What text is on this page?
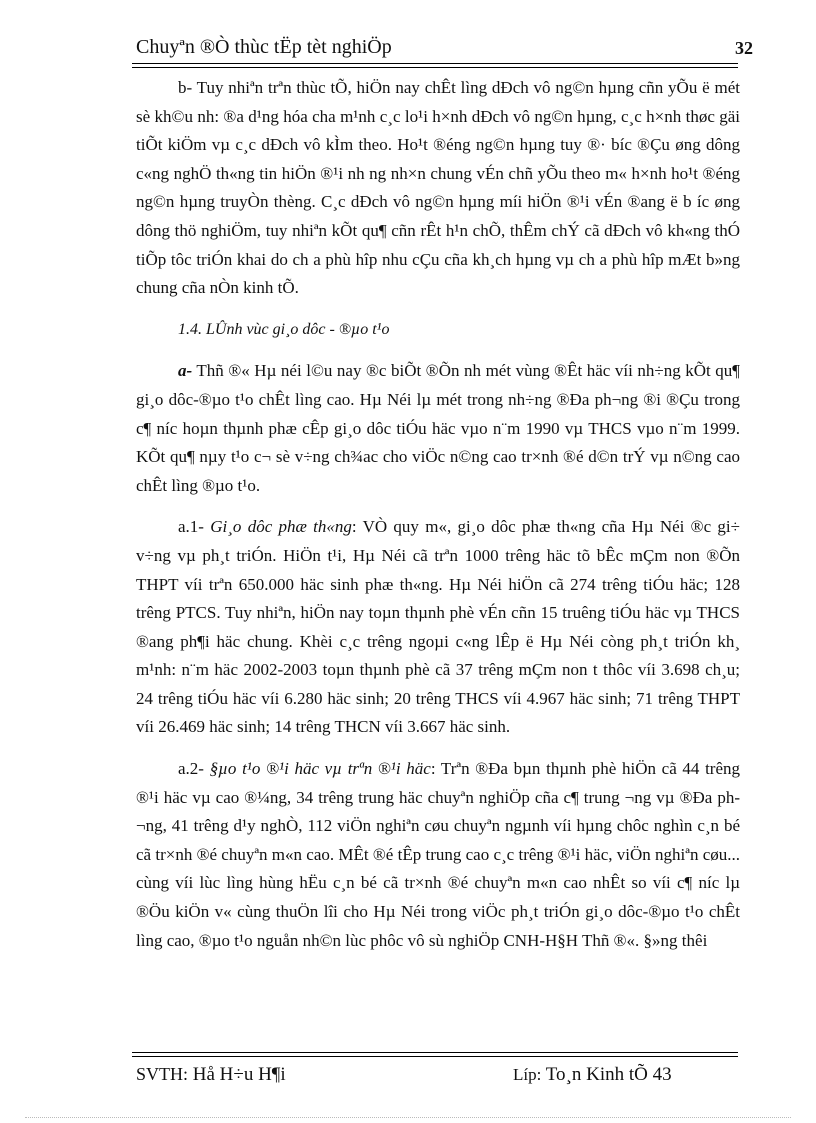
Chuyªn ®Ò thùc tËp tèt nghiÖp	32

b- Tuy nhiªn trªn thùc tÕ, hiÖn nay chÊt lìng dÐch vô ng©n hµng cñn yÕu ë mét sè kh©u nh: ®a d¹ng hóa cha m¹nh c¸c lo¹i h×nh dÐch vô ng©n hµng, c¸c h×nh thøc gäi tiÕt kiÖm vµ c¸c dÐch vô kÌm theo. Ho¹t ®éng ng©n hµng tuy ®· bíc ®Çu øng dông c«ng nghÖ th«ng tin hiÖn ®¹i nh ng nh×n chung vÉn chñ yÕu theo m« h×nh ho¹t ®éng ng©n hµng truyÒn thèng. C¸c dÐch vô ng©n hµng míi hiÖn ®¹i vÉn ®ang ë b íc øng dông thö nghiÖm, tuy nhiªn kÕt qu¶ cñn rÊt h¹n chÕ, thÊm chÝ cã dÐch vô kh«ng thÓ tiÕp tôc triÓn khai do ch a phù hîp nhu cÇu cña kh¸ch hµng vµ ch a phù hîp mÆt b»ng chung cña nÒn kinh tÕ.

1.4. LÛnh vùc gi¸o dôc - ®µo t¹o

a- Thñ ®« Hµ néi l©u nay ®c biÕt ®Õn nh mét vùng ®Êt häc víi nh÷ng kÕt qu¶ gi¸o dôc-®µo t¹o chÊt lìng cao. Hµ Néi lµ mét trong nh÷ng ®Ða ph¬ng ®i ®Çu trong c¶ níc hoµn thµnh phæ cÊp gi¸o dôc tiÓu häc vµo n¨m 1990 vµ THCS vµo n¨m 1999. KÕt qu¶ nµy t¹o c¬ sè v÷ng ch¾ac cho viÖc n©ng cao tr×nh ®é d©n trÝ vµ n©ng cao chÊt lìng ®µo t¹o.

a.1- Gi¸o dôc phæ th«ng: VÒ quy m«, gi¸o dôc phæ th«ng cña Hµ Néi ®c gi÷ v÷ng vµ ph¸t triÓn. HiÖn t¹i, Hµ Néi cã trªn 1000 trêng häc tõ bÊc mÇm non ®Õn THPT víi trªn 650.000 häc sinh phæ th«ng. Hµ Néi hiÖn cã 274 trêng tiÓu häc; 128 trêng PTCS. Tuy nhiªn, hiÖn nay toµn thµnh phè vÉn cñn 15 truêng tiÓu häc vµ THCS ®ang ph¶i häc chung. Khèi c¸c trêng ngoµi c«ng lÊp ë Hµ Néi còng ph¸t triÓn kh¸ m¹nh: n¨m häc 2002-2003 toµn thµnh phè cã 37 trêng mÇm non t thôc víi 3.698 ch¸u; 24 trêng tiÓu häc víi 6.280 häc sinh; 20 trêng THCS víi 4.967 häc sinh; 71 trêng THPT víi 26.469 häc sinh; 14 trêng THCN víi 3.667 häc sinh.

a.2- §µo t¹o ®¹i häc vµ trªn ®¹i häc: Trªn ®Ða bµn thµnh phè hiÖn cã 44 trêng ®¹i häc vµ cao ®¼ng, 34 trêng trung häc chuyªn nghiÖp cña c¶ trung ¬ng vµ ®Ða ph¬ng, 41 trêng d¹y nghÒ, 112 viÖn nghiªn cøu chuyªn ngµnh víi hµng chôc nghìn c¸n bé cã tr×nh ®é chuyªn m«n cao. MÊt ®é tÊp trung cao c¸c trêng ®¹i häc, viÖn nghiªn cøu... cùng víi lùc lìng hùng hËu c¸n bé cã tr×nh ®é chuyªn m«n cao nhÊt so víi c¶ níc lµ ®Öu kiÖn v« cùng thuÖn lîi cho Hµ Néi trong viÖc ph¸t triÓn gi¸o dôc-®µo t¹o chÊt lìng cao, ®µo t¹o nguån nh©n lùc phôc vô sù nghiÖp CNH-H§H Thñ ®«. §»ng thêi

SVTH: Hå H÷u H¶i	Líp: To¸n Kinh tÕ 43
